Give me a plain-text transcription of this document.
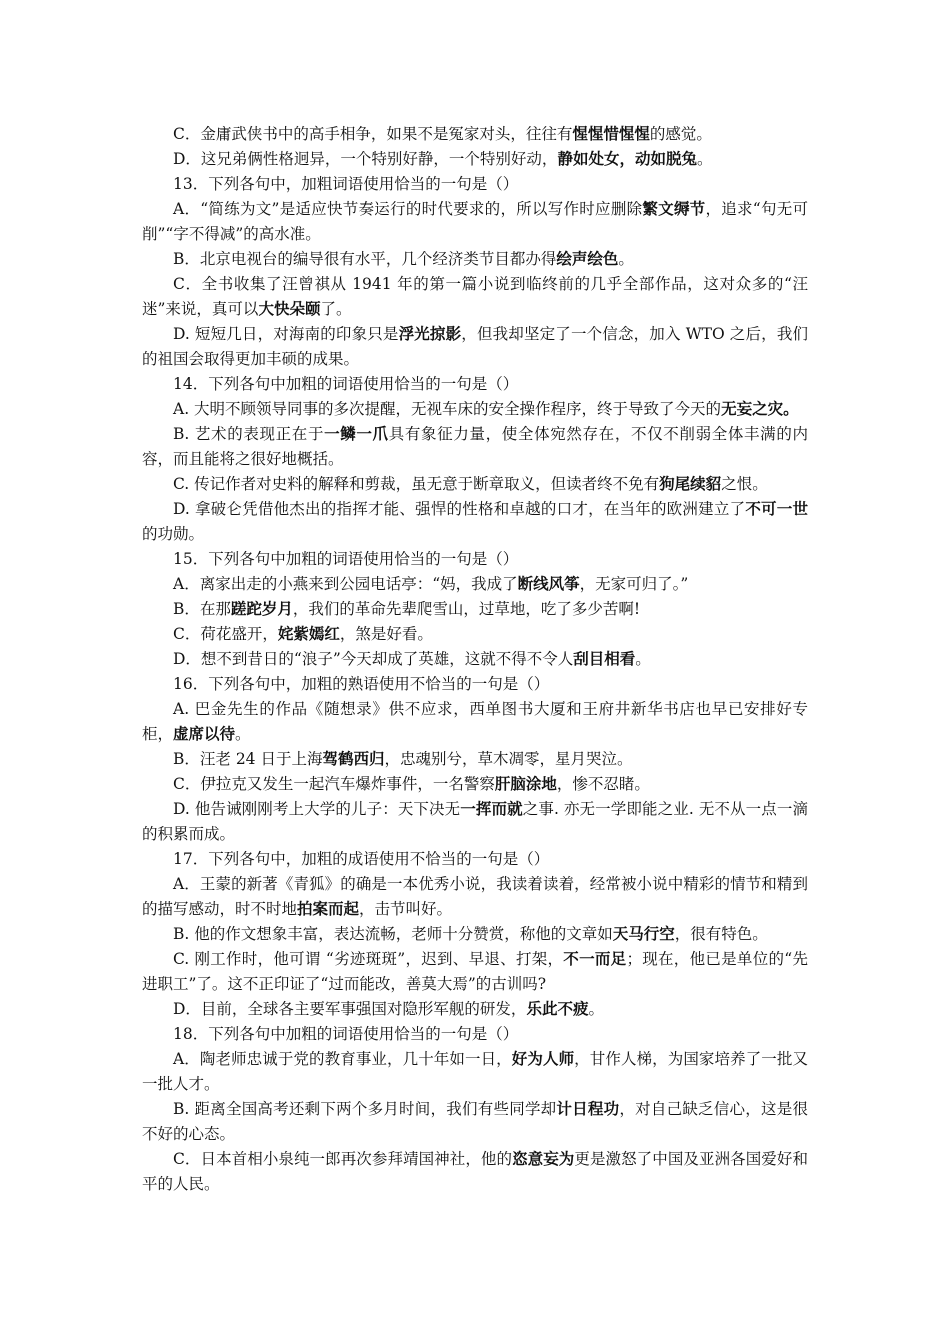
C．金庸武侠书中的高手相争，如果不是冤家对头，往往有惺惺惜惺惺的感觉。

D．这兄弟俩性格迥异，一个特别好静，一个特别好动，静如处女，动如脱兔。

13．下列各句中，加粗词语使用恰当的一句是（）

A．“简练为文”是适应快节奏运行的时代要求的，所以写作时应删除繁文缛节，追求“句无可削”“字不得减”的高水准。

B．北京电视台的编导很有水平，几个经济类节目都办得绘声绘色。

C．全书收集了汪曾祺从 1941 年的第一篇小说到临终前的几乎全部作品，这对众多的“汪迷”来说，真可以大快朵颐了。

D. 短短几日，对海南的印象只是浮光掠影，但我却坚定了一个信念，加入 WTO 之后，我们的祖国会取得更加丰硕的成果。

14．下列各句中加粗的词语使用恰当的一句是（）

A. 大明不顾领导同事的多次提醒，无视车床的安全操作程序，终于导致了今天的无妄之灾。

B. 艺术的表现正在于一鳞一爪具有象征力量，使全体宛然存在，不仅不削弱全体丰满的内容，而且能将之很好地概括。

C. 传记作者对史料的解释和剪裁，虽无意于断章取义，但读者终不免有狗尾续貂之恨。

D. 拿破仑凭借他杰出的指挥才能、强悍的性格和卓越的口才，在当年的欧洲建立了不可一世的功勋。

15．下列各句中加粗的词语使用恰当的一句是（）

A．离家出走的小燕来到公园电话亭：“妈，我成了断线风筝，无家可归了。”

B．在那蹉跎岁月，我们的革命先辈爬雪山，过草地，吃了多少苦啊!

C．荷花盛开，姹紫嫣红，煞是好看。

D．想不到昔日的“浪子”今天却成了英雄，这就不得不令人刮目相看。

16．下列各句中，加粗的熟语使用不恰当的一句是（）

A. 巴金先生的作品《随想录》供不应求，西单图书大厦和王府井新华书店也早已安排好专柜，虚席以待。

B．汪老 24 日于上海驾鹤西归，忠魂别兮，草木凋零，星月哭泣。

C．伊拉克又发生一起汽车爆炸事件，一名警察肝脑涂地，惨不忍睹。

D. 他告诫刚刚考上大学的儿子：天下决无一挥而就之事. 亦无一学即能之业. 无不从一点一滴的积累而成。

17．下列各句中，加粗的成语使用不恰当的一句是（）

A．王蒙的新著《青狐》的确是一本优秀小说，我读着读着，经常被小说中精彩的情节和精到的描写感动，时不时地拍案而起，击节叫好。

B. 他的作文想象丰富，表达流畅，老师十分赞赏，称他的文章如天马行空，很有特色。

C. 刚工作时，他可谓 “劣迹斑斑”，迟到、早退、打架，不一而足；现在，他已是单位的“先进职工”了。这不正印证了“过而能改，善莫大焉”的古训吗?

D．目前，全球各主要军事强国对隐形军舰的研发，乐此不疲。

18．下列各句中加粗的词语使用恰当的一句是（）

A．陶老师忠诚于党的教育事业，几十年如一日，好为人师，甘作人梯，为国家培养了一批又一批人才。

B. 距离全国高考还剩下两个多月时间，我们有些同学却计日程功，对自己缺乏信心，这是很不好的心态。

C．日本首相小泉纯一郎再次参拜靖国神社，他的恣意妄为更是激怒了中国及亚洲各国爱好和平的人民。
